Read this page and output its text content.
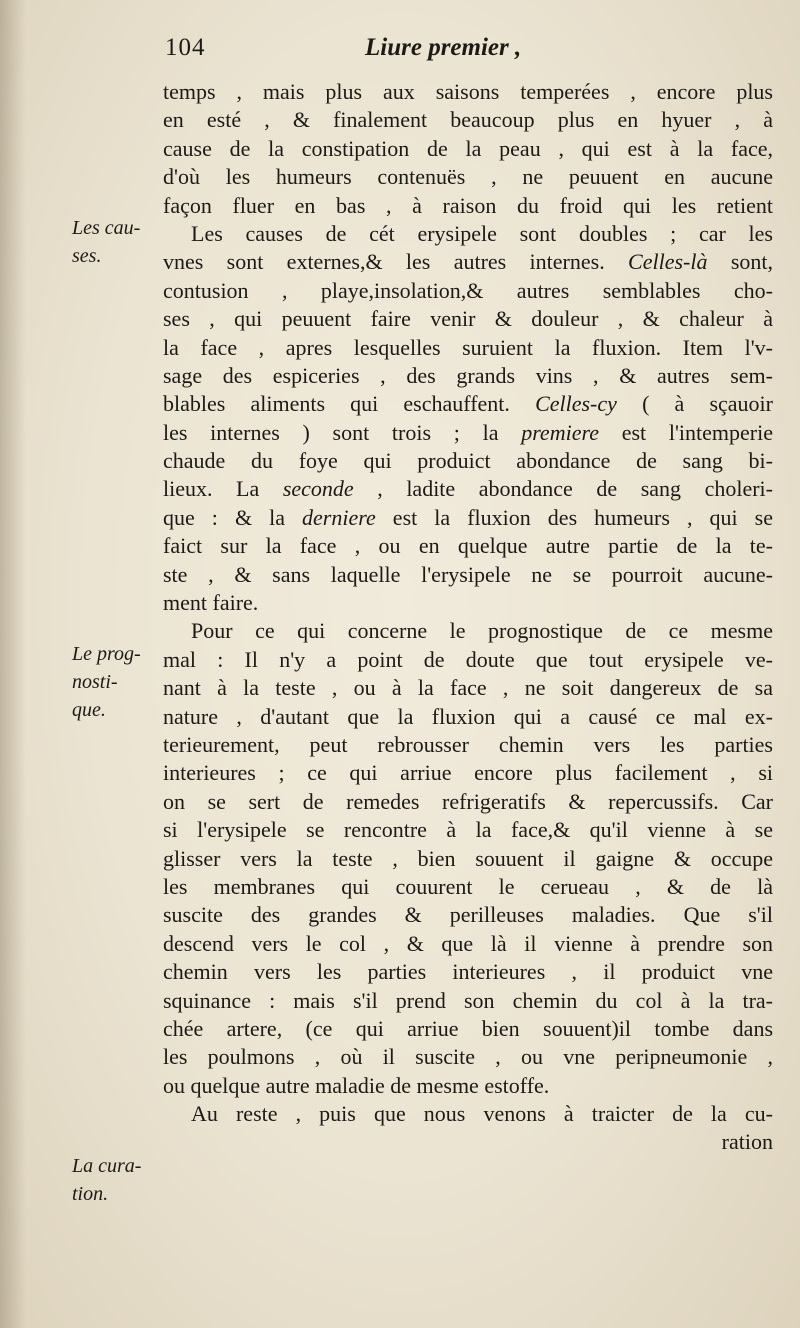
104	Liure premier ,
Les cau-
ses.
Le prog-
nosti-
que.
La cura-
tion.
temps , mais plus aux saisons temperées , encore plus
en esté , & finalement beaucoup plus en hyuer , à
cause de la constipation de la peau , qui est à la face,
d'où les humeurs contenuës , ne peuuent en aucune
façon fluer en bas , à raison du froid qui les retient
Les causes de cét erysipele sont doubles ; car les
vnes sont externes,& les autres internes. Celles-là sont,
contusion , playe,insolation,& autres semblables cho-
ses , qui peuuent faire venir & douleur , & chaleur à
la face , apres lesquelles suruient la fluxion. Item l'v-
sage des espiceries , des grands vins , & autres sem-
blables aliments qui eschauffent. Celles-cy ( à sçauoir
les internes ) sont trois ; la premiere est l'intemperie
chaude du foye qui produict abondance de sang bi-
lieux. La seconde , ladite abondance de sang choleri-
que : & la derniere est la fluxion des humeurs , qui se
faict sur la face , ou en quelque autre partie de la te-
ste , & sans laquelle l'erysipele ne se pourroit aucune-
ment faire.
Pour ce qui concerne le prognostique de ce mesme
mal : Il n'y a point de doute que tout erysipele ve-
nant à la teste , ou à la face , ne soit dangereux de sa
nature , d'autant que la fluxion qui a causé ce mal ex-
terieurement, peut rebrousser chemin vers les parties
interieures ; ce qui arriue encore plus facilement , si
on se sert de remedes refrigeratifs & repercussifs. Car
si l'erysipele se rencontre à la face,& qu'il vienne à se
glisser vers la teste , bien souuent il gaigne & occupe
les membranes qui couurent le cerueau , & de là
suscite des grandes & perilleuses maladies. Que s'il
descend vers le col , & que là il vienne à prendre son
chemin vers les parties interieures , il produict vne
squinance : mais s'il prend son chemin du col à la tra-
chée artere, (ce qui arriue bien souuent)il tombe dans
les poulmons , où il suscite , ou vne peripneumonie ,
ou quelque autre maladie de mesme estoffe.
Au reste , puis que nous venons à traicter de la cu-
ration
